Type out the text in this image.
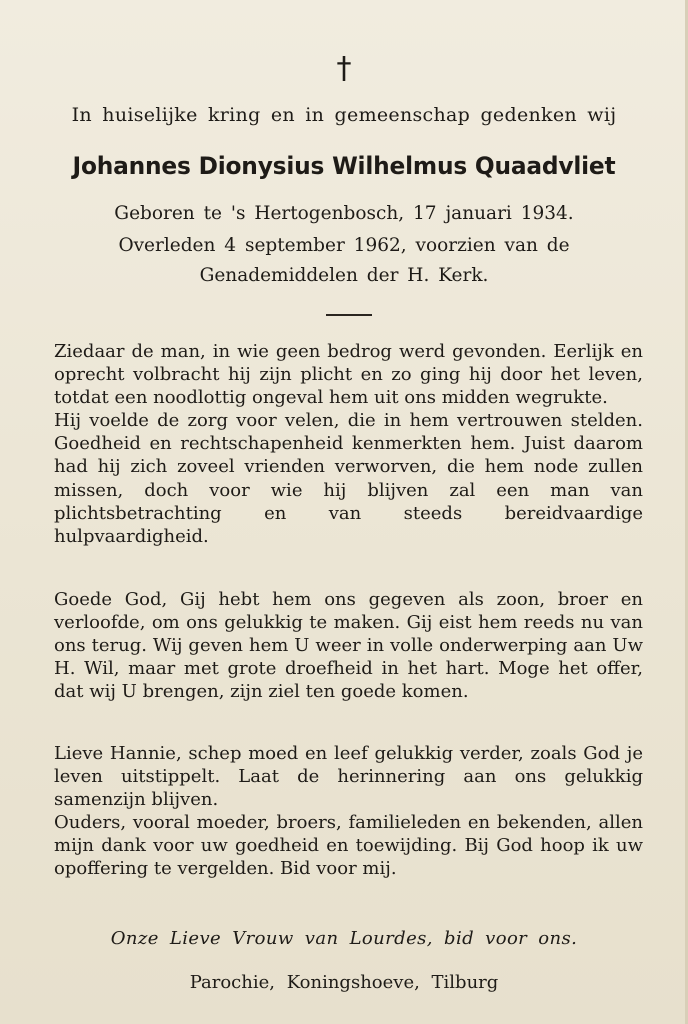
†
In huiselijke kring en in gemeenschap gedenken wij
Johannes Dionysius Wilhelmus Quaadvliet
Geboren te 's Hertogenbosch, 17 januari 1934.
Overleden 4 september 1962, voorzien van de
Genademiddelen der H. Kerk.
Ziedaar de man, in wie geen bedrog werd gevonden. Eerlijk en oprecht volbracht hij zijn plicht en zo ging hij door het leven, totdat een noodlottig ongeval hem uit ons midden wegrukte.
Hij voelde de zorg voor velen, die in hem vertrouwen stelden. Goedheid en rechtschapenheid kenmerkten hem. Juist daarom had hij zich zoveel vrienden verworven, die hem node zullen missen, doch voor wie hij blijven zal een man van plichtsbetrachting en van steeds bereidvaardige hulpvaardigheid.
Goede God, Gij hebt hem ons gegeven als zoon, broer en verloofde, om ons gelukkig te maken. Gij eist hem reeds nu van ons terug. Wij geven hem U weer in volle onderwerping aan Uw H. Wil, maar met grote droefheid in het hart. Moge het offer, dat wij U brengen, zijn ziel ten goede komen.
Lieve Hannie, schep moed en leef gelukkig verder, zoals God je leven uitstippelt. Laat de herinnering aan ons gelukkig samenzijn blijven.
Ouders, vooral moeder, broers, familieleden en bekenden, allen mijn dank voor uw goedheid en toewijding. Bij God hoop ik uw opoffering te vergelden. Bid voor mij.
Onze Lieve Vrouw van Lourdes, bid voor ons.
Parochie, Koningshoeve, Tilburg
